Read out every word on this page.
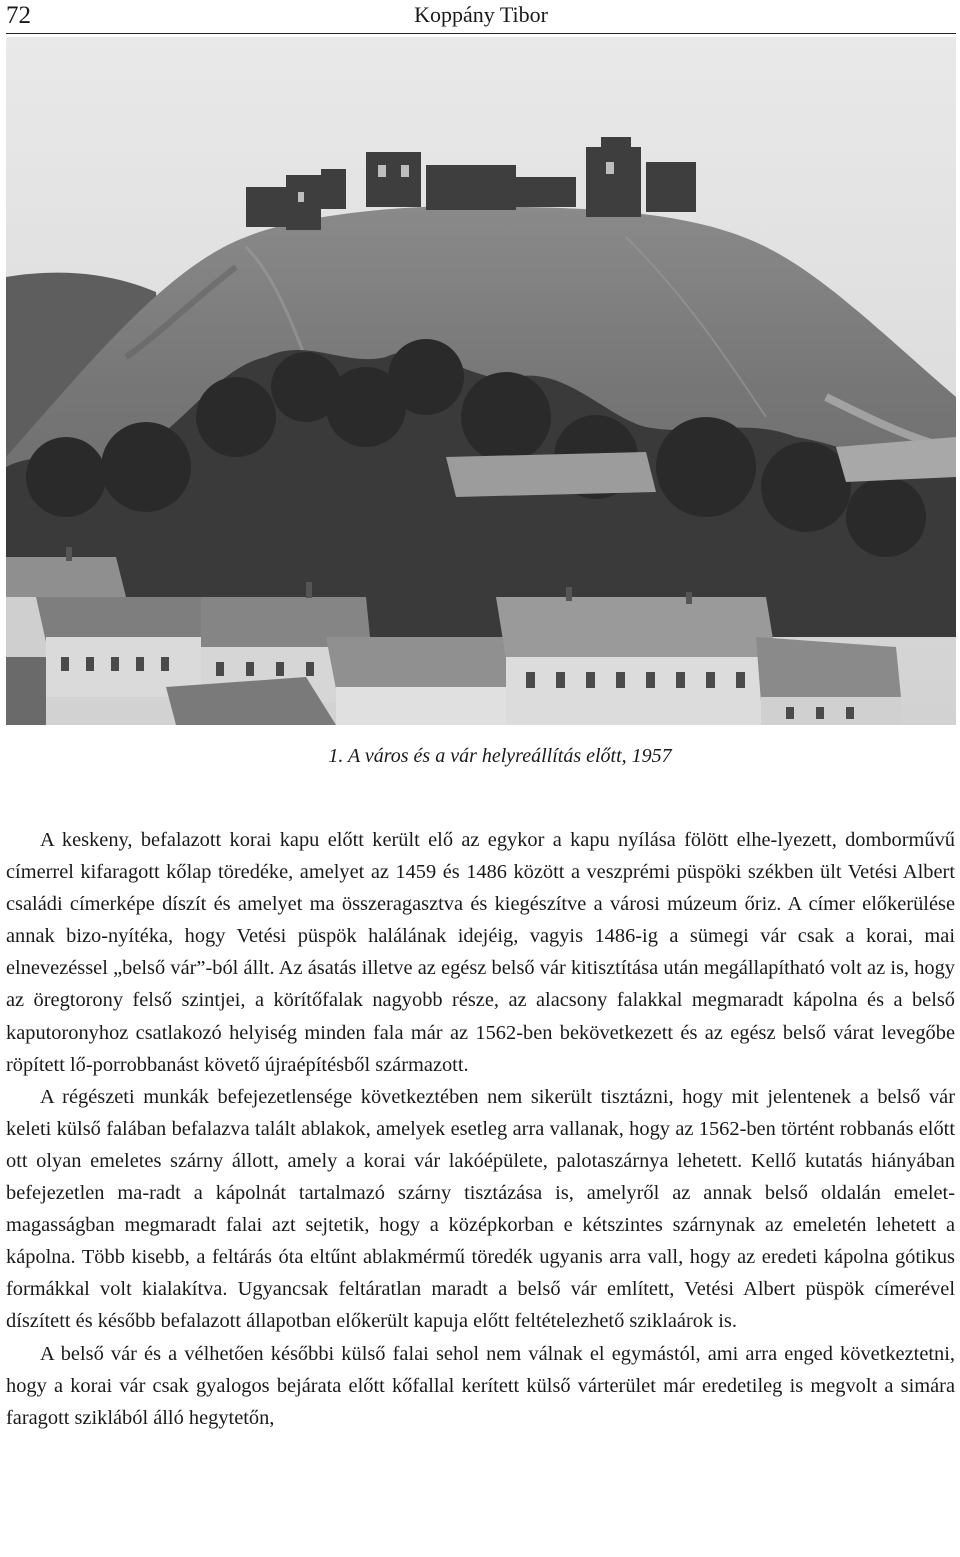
72	Koppány Tibor
1. A város és a vár helyreállítás előtt, 1957

A keskeny, befalazott korai kapu előtt került elő az egykor a kapu nyílása fölött elhe-lyezett, domborművű címerrel kifaragott kőlap töredéke, amelyet az 1459 és 1486 között a veszprémi püspöki székben ült Vetési Albert családi címerképe díszít és amelyet ma összeragasztva és kiegészítve a városi múzeum őriz. A címer előkerülése annak bizo-nyítéka, hogy Vetési püspök halálának idejéig, vagyis 1486-ig a sümegi vár csak a korai, mai elnevezéssel „belső vár”-ból állt. Az ásatás illetve az egész belső vár kitisztítása után megállapítható volt az is, hogy az öregtorony felső szintjei, a körítőfalak nagyobb része, az alacsony falakkal megmaradt kápolna és a belső kaputoronyhoz csatlakozó helyiség minden fala már az 1562-ben bekövetkezett és az egész belső várat levegőbe röpített lő-porrobbanást követő újraépítésből származott.

A régészeti munkák befejezetlensége következtében nem sikerült tisztázni, hogy mit jelentenek a belső vár keleti külső falában befalazva talált ablakok, amelyek esetleg arra vallanak, hogy az 1562-ben történt robbanás előtt ott olyan emeletes szárny állott, amely a korai vár lakóépülete, palotaszárnya lehetett. Kellő kutatás hiányában befejezetlen ma-radt a kápolnát tartalmazó szárny tisztázása is, amelyről az annak belső oldalán emelet-magasságban megmaradt falai azt sejtetik, hogy a középkorban e kétszintes szárnynak az emeletén lehetett a kápolna. Több kisebb, a feltárás óta eltűnt ablakmérmű töredék ugyanis arra vall, hogy az eredeti kápolna gótikus formákkal volt kialakítva. Ugyancsak feltáratlan maradt a belső vár említett, Vetési Albert püspök címerével díszített és később befalazott állapotban előkerült kapuja előtt feltételezhető sziklaárok is.

A belső vár és a vélhetően későbbi külső falai sehol nem válnak el egymástól, ami arra enged következtetni, hogy a korai vár csak gyalogos bejárata előtt kőfallal kerített külső várterület már eredetileg is megvolt a simára faragott sziklából álló hegytetőn,
